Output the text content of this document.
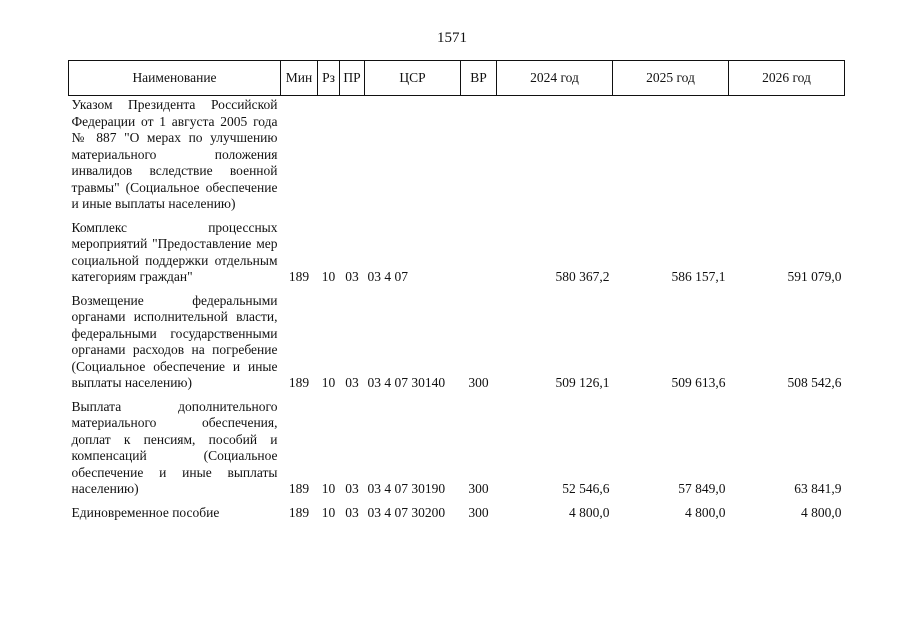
1571
Наименование	Мин	Рз	ПР	ЦСР	ВР	2024 год	2025 год	2026 год
Указом Президента Российской Федерации от 1 августа 2005 года № 887 "О мерах по улучшению материального положения инвалидов вследствие военной травмы" (Социальное обеспечение и иные выплаты населению)								
Комплекс процессных мероприятий "Предоставление мер социальной поддержки отдельным категориям граждан"	189	10	03	03 4 07		580 367,2	586 157,1	591 079,0
Возмещение федеральными органами исполнительной власти, федеральными государственными органами расходов на погребение (Социальное обеспечение и иные выплаты населению)	189	10	03	03 4 07 30140	300	509 126,1	509 613,6	508 542,6
Выплата дополнительного материального обеспечения, доплат к пенсиям, пособий и компенсаций (Социальное обеспечение и иные выплаты населению)	189	10	03	03 4 07 30190	300	52 546,6	57 849,0	63 841,9
Единовременное пособие	189	10	03	03 4 07 30200	300	4 800,0	4 800,0	4 800,0
